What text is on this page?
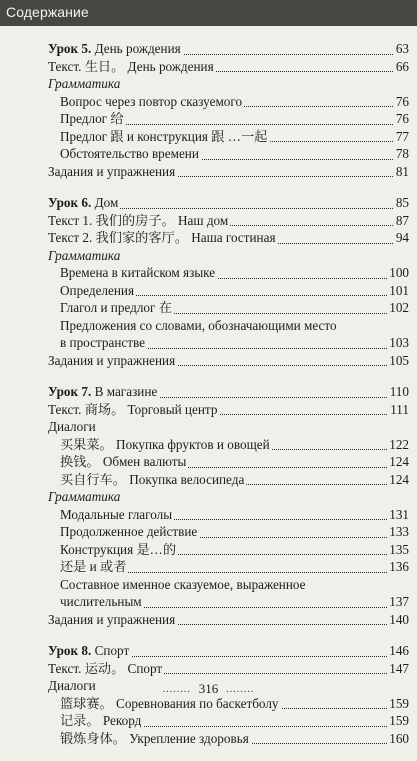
Содержание
Урок 5. День рождения	63
Текст. 生日。 День рождения	66
Грамматика
Вопрос через повтор сказуемого	76
Предлог 给	76
Предлог 跟 и конструкция 跟 …一起	77
Обстоятельство времени	78
Задания и упражнения	81
Урок 6. Дом	85
Текст 1. 我们的房子。 Наш дом	87
Текст 2. 我们家的客厅。 Наша гостиная	94
Грамматика
Времена в китайском языке	100
Определения	101
Глагол и предлог 在	102
Предложения со словами, обозначающими место
в пространстве	103
Задания и упражнения	105
Урок 7. В магазине	110
Текст. 商场。 Торговый центр	111
Диалоги
买果菜。 Покупка фруктов и овощей	122
换钱。 Обмен валюты	124
买自行车。 Покупка велосипеда	124
Грамматика
Модальные глаголы	131
Продолженное действие	133
Конструкция 是…的	135
还是 и 或者	136
Составное именное сказуемое, выраженное
числительным	137
Задания и упражнения	140
Урок 8. Спорт	146
Текст. 运动。 Спорт	147
Диалоги
篮球赛。 Соревнования по баскетболу	159
记录。 Рекорд	159
锻炼身体。 Укрепление здоровья	160
........ 316 ........
